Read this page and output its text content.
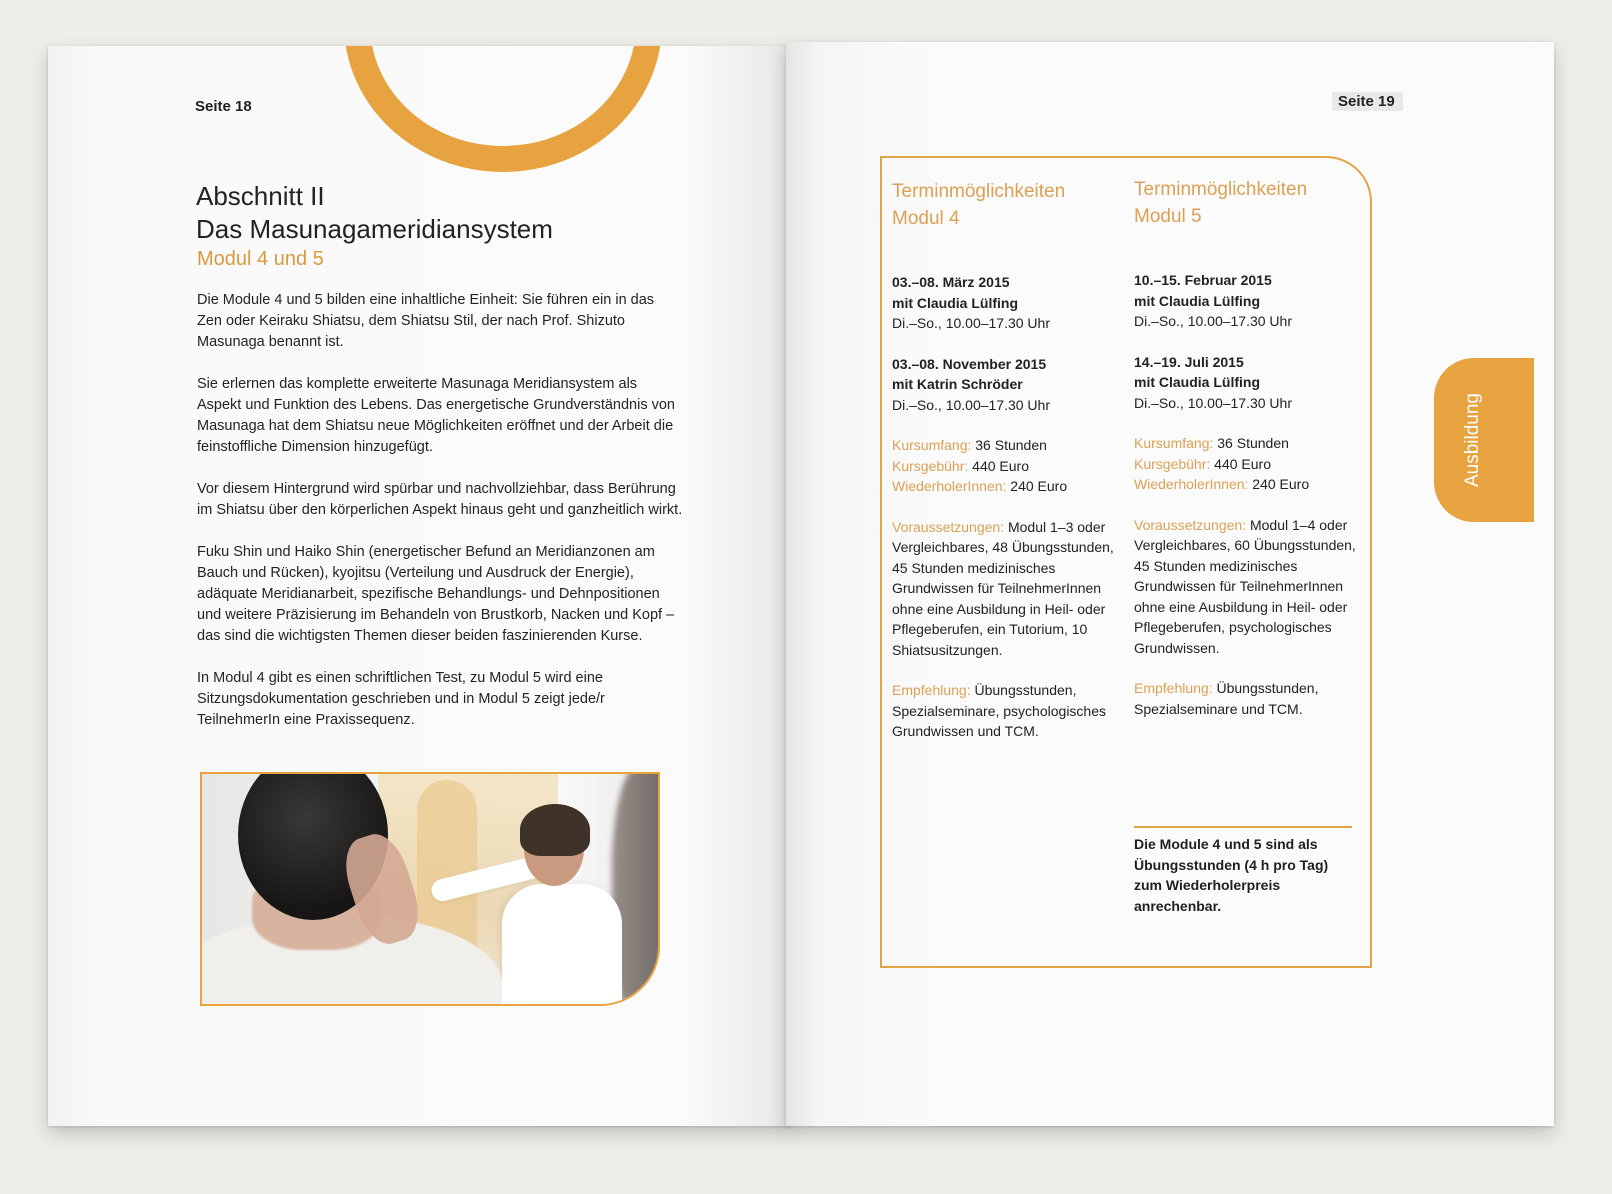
Seite 18
Abschnitt II
Das Masunagameridiansystem
Modul 4 und 5

Die Module 4 und 5 bilden eine inhaltliche Einheit: Sie führen ein in das Zen oder Keiraku Shiatsu, dem Shiatsu Stil, der nach Prof. Shizuto Masunaga benannt ist.

Sie erlernen das komplette erweiterte Masunaga Meridiansystem als Aspekt und Funktion des Lebens. Das energetische Grundverständnis von Masunaga hat dem Shiatsu neue Möglichkeiten eröffnet und der Arbeit die feinstoffliche Dimension hinzugefügt.

Vor diesem Hintergrund wird spürbar und nachvollziehbar, dass Berührung im Shiatsu über den körperlichen Aspekt hinaus geht und ganzheitlich wirkt.

Fuku Shin und Haiko Shin (energetischer Befund an Meridianzonen am Bauch und Rücken), kyojitsu (Verteilung und Ausdruck der Energie), adäquate Meridianarbeit, spezifische Behandlungs- und Dehnpositionen und weitere Präzisierung im Behandeln von Brustkorb, Nacken und Kopf – das sind die wichtigsten Themen dieser beiden faszinierenden Kurse.

In Modul 4 gibt es einen schriftlichen Test, zu Modul 5 wird eine Sitzungsdokumentation geschrieben und in Modul 5 zeigt jede/r TeilnehmerIn eine Praxissequenz.

Seite 19
Terminmöglichkeiten
Modul 4
03.–08. März 2015
mit Claudia Lülfing
Di.–So., 10.00–17.30 Uhr
03.–08. November 2015
mit Katrin Schröder
Di.–So., 10.00–17.30 Uhr
Kursumfang: 36 Stunden
Kursgebühr: 440 Euro
WiederholerInnen: 240 Euro
Voraussetzungen: Modul 1–3 oder Vergleichbares, 48 Übungsstunden, 45 Stunden medizinisches Grundwissen für TeilnehmerInnen ohne eine Ausbildung in Heil- oder Pflegeberufen, ein Tutorium, 10 Shiatsusitzungen.
Empfehlung: Übungsstunden, Spezialseminare, psychologisches Grundwissen und TCM.
Terminmöglichkeiten
Modul 5
10.–15. Februar 2015
mit Claudia Lülfing
Di.–So., 10.00–17.30 Uhr
14.–19. Juli 2015
mit Claudia Lülfing
Di.–So., 10.00–17.30 Uhr
Kursumfang: 36 Stunden
Kursgebühr: 440 Euro
WiederholerInnen: 240 Euro
Voraussetzungen: Modul 1–4 oder Vergleichbares, 60 Übungsstunden, 45 Stunden medizinisches Grundwissen für TeilnehmerInnen ohne eine Ausbildung in Heil- oder Pflegeberufen, psychologisches Grundwissen.
Empfehlung: Übungsstunden, Spezialseminare und TCM.
Die Module 4 und 5 sind als Übungsstunden (4 h pro Tag) zum Wiederholerpreis anrechenbar.
Ausbildung
